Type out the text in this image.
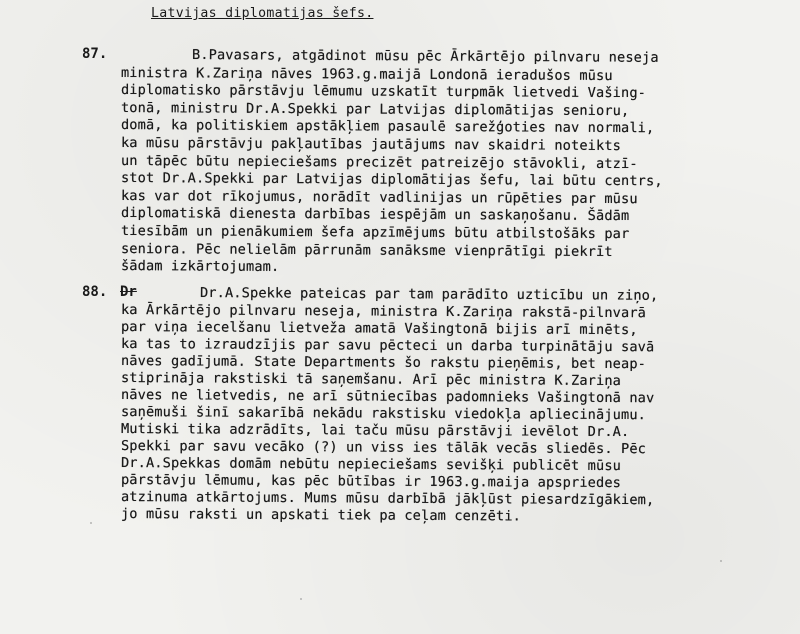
Latvijas diplomatijas šefs.
87.	B.Pavasars, atgādinot mūsu pēc Ārkārtējo pilnvaru neseja
ministra K.Zariņa nāves 1963.g.maijā Londonā ieradušos mūsu
diplomatisko pārstāvju lēmumu uzskatīt turpmāk lietvedi Vašing-
tonā, ministru Dr.A.Spekki par Latvijas diplomātijas senioru,
domā, ka politiskiem apstākļiem pasaulē sarežģoties nav normali,
ka mūsu pārstāvju pakļautības jautājums nav skaidri noteikts
un tāpēc būtu nepieciešams precizēt patreizējo stāvokli, atzī-
stot Dr.A.Spekki par Latvijas diplomātijas šefu, lai būtu centrs,
kas var dot rīkojumus, norādīt vadlinijas un rūpēties par mūsu
diplomatiskā dienesta darbības iespējām un saskaņošanu. Šādām
tiesībām un pienākumiem šefa apzīmējums būtu atbilstošāks par
seniora. Pēc nelielām pārrunām sanāksme vienprātīgi piekrīt
šādam izkārtojumam.
88. Dr	Dr.A.Spekke pateicas par tam parādīto uzticību un ziņo,
ka Ārkārtējo pilnvaru neseja, ministra K.Zariņa rakstā-pilnvarā
par viņa iecelšanu lietveža amatā Vašingtonā bijis arī minēts,
ka tas to izraudzījis par savu pēcteci un darba turpinātāju savā
nāves gadījumā. State Departments šo rakstu pieņēmis, bet neap-
stiprināja rakstiski tā saņemšanu. Arī pēc ministra K.Zariņa
nāves ne lietvedis, ne arī sūtniecības padomnieks Vašingtonā nav
saņēmuši šinī sakarībā nekādu rakstisku viedokļa apliecinājumu.
Mutiski tika adzrādīts, lai taču mūsu pārstāvji ievēlot Dr.A.
Spekki par savu vecāko (?) un viss ies tālāk vecās sliedēs. Pēc
Dr.A.Spekkas domām nebūtu nepieciešams sevišķi publicēt mūsu
pārstāvju lēmumu, kas pēc būtības ir 1963.g.maija apspriedes
atzinuma atkārtojums. Mums mūsu darbībā jākļūst piesardzīgākiem,
jo mūsu raksti un apskati tiek pa ceļam cenzēti.
